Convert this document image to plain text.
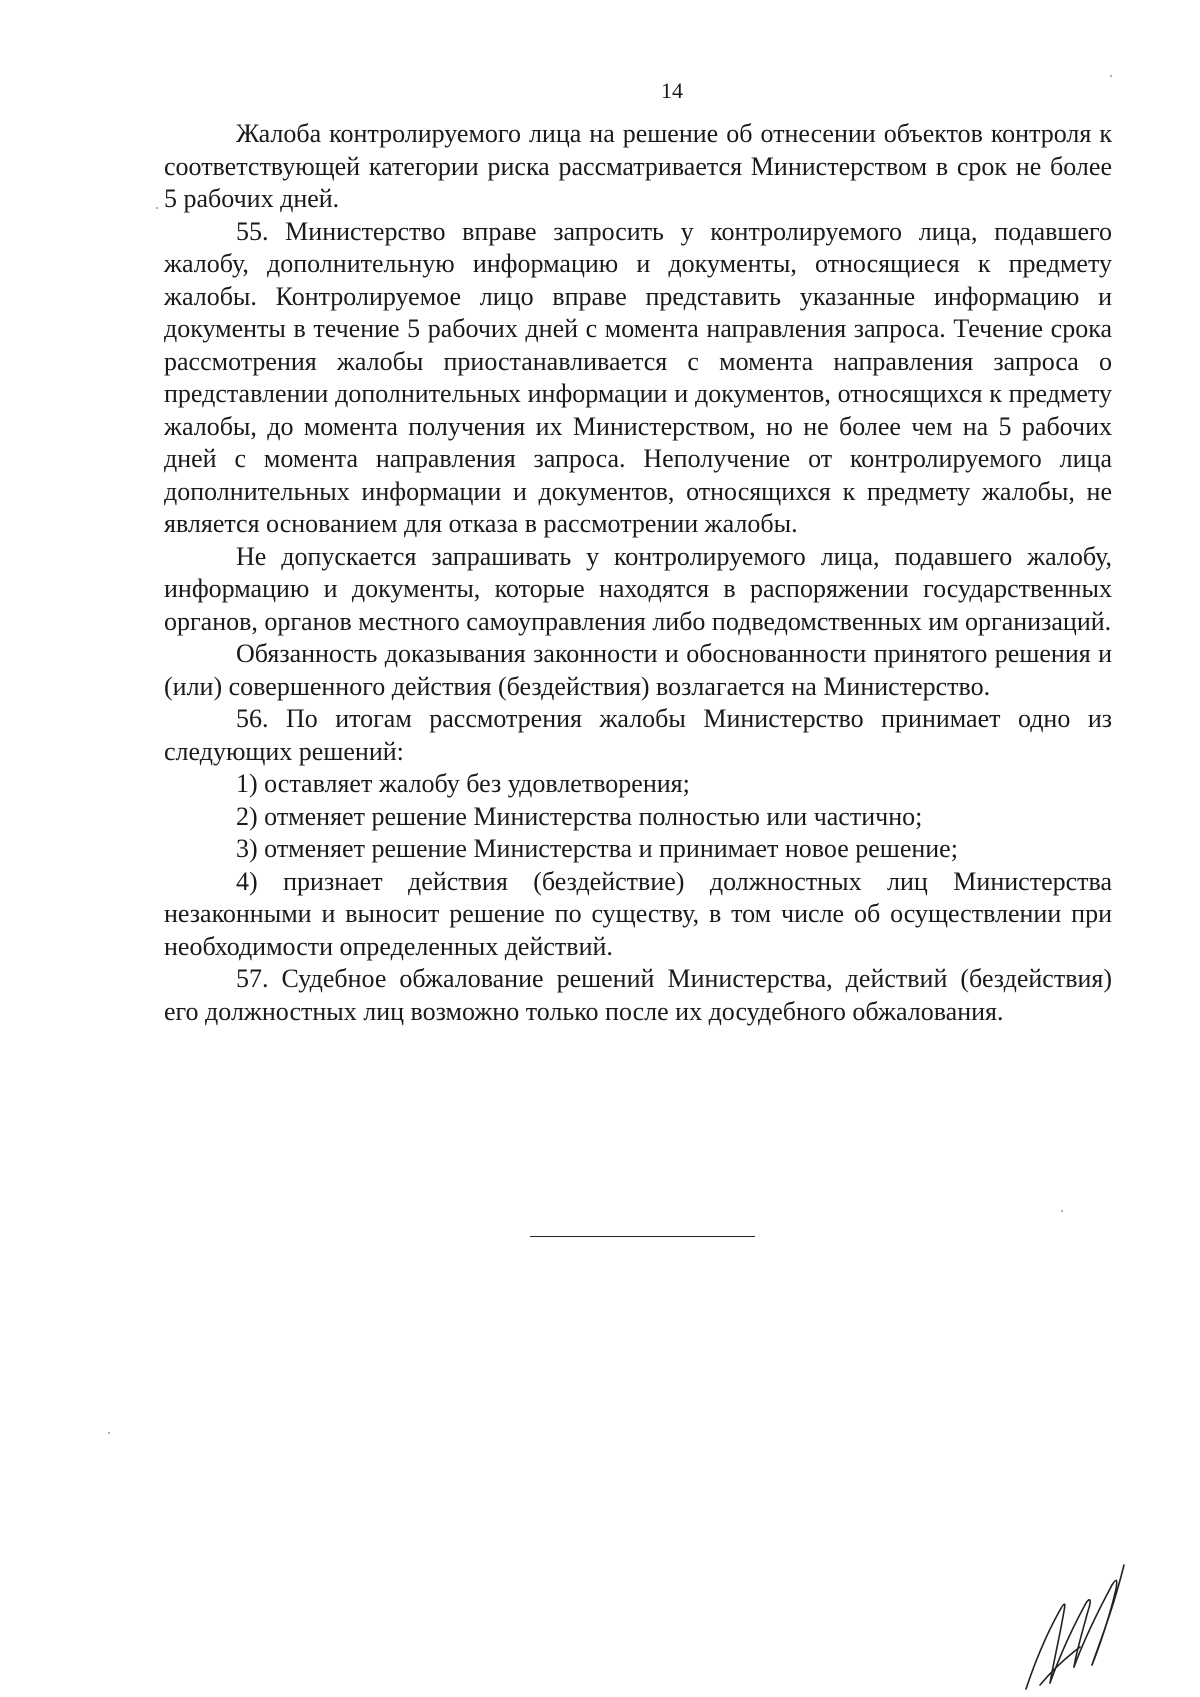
14

Жалоба контролируемого лица на решение об отнесении объектов контроля к соответствующей категории риска рассматривается Министерством в срок не более 5 рабочих дней.

55. Министерство вправе запросить у контролируемого лица, подавшего жалобу, дополнительную информацию и документы, относящиеся к предмету жалобы. Контролируемое лицо вправе представить указанные информацию и документы в течение 5 рабочих дней с момента направления запроса. Течение срока рассмотрения жалобы приостанавливается с момента направления запроса о представлении дополнительных информации и документов, относящихся к предмету жалобы, до момента получения их Министерством, но не более чем на 5 рабочих дней с момента направления запроса. Неполучение от контролируемого лица дополнительных информации и документов, относящихся к предмету жалобы, не является основанием для отказа в рассмотрении жалобы.

Не допускается запрашивать у контролируемого лица, подавшего жалобу, информацию и документы, которые находятся в распоряжении государственных органов, органов местного самоуправления либо подведомственных им организаций.

Обязанность доказывания законности и обоснованности принятого решения и (или) совершенного действия (бездействия) возлагается на Министерство.

56. По итогам рассмотрения жалобы Министерство принимает одно из следующих решений:

1) оставляет жалобу без удовлетворения;

2) отменяет решение Министерства полностью или частично;

3) отменяет решение Министерства и принимает новое решение;

4) признает действия (бездействие) должностных лиц Министерства незаконными и выносит решение по существу, в том числе об осуществлении при необходимости определенных действий.

57. Судебное обжалование решений Министерства, действий (бездействия) его должностных лиц возможно только после их досудебного обжалования.
